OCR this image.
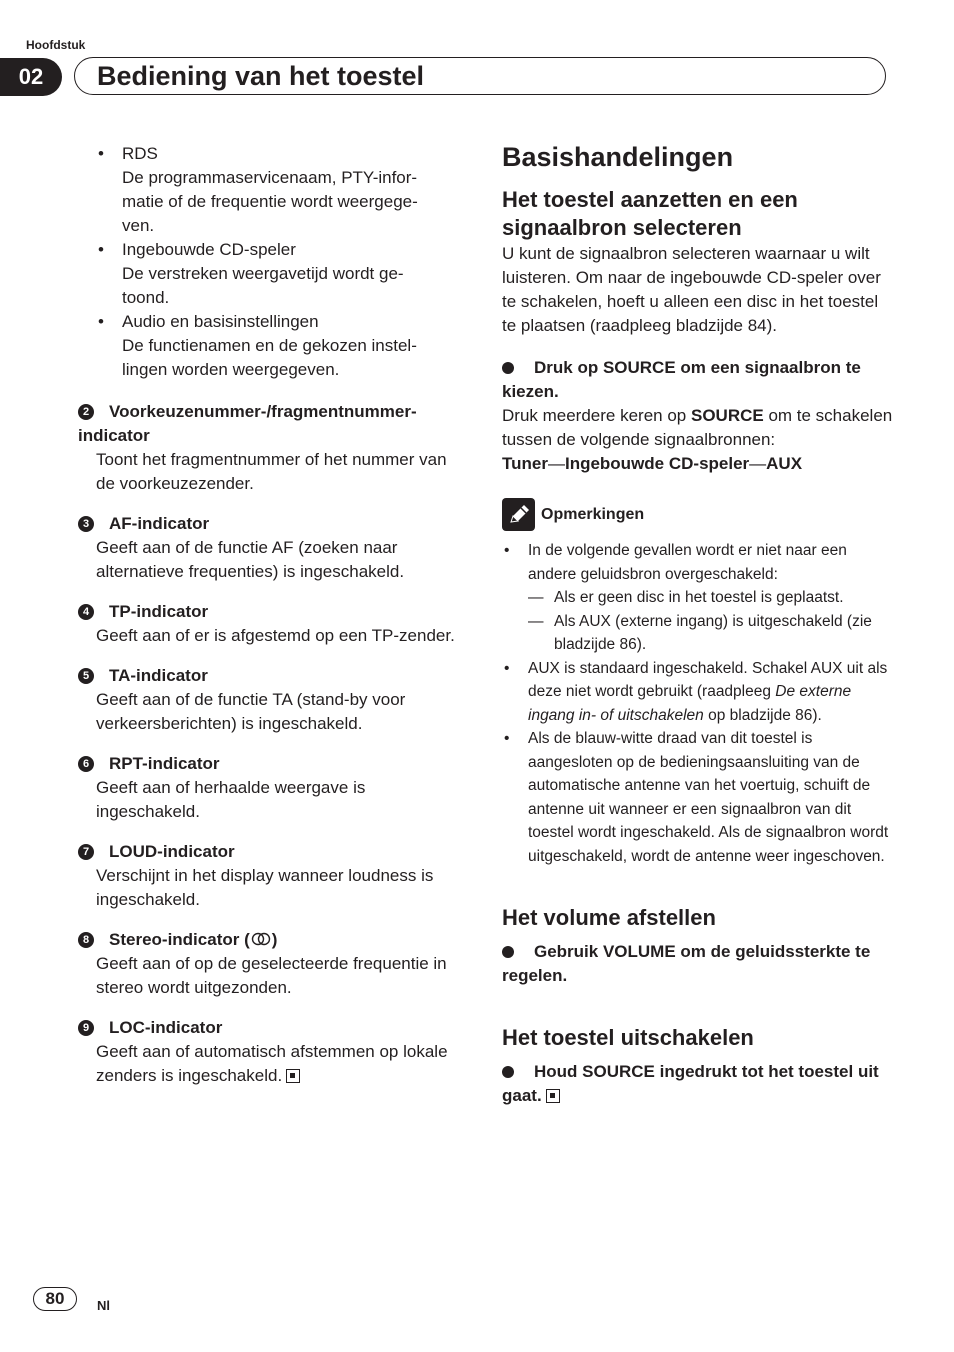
Hoofdstuk
02	Bediening van het toestel
• RDS
De programmaservicenaam, PTY-infor-
matie of de frequentie wordt weergege-
ven.
• Ingebouwde CD-speler
De verstreken weergavetijd wordt ge-
toond.
• Audio en basisinstellingen
De functienamen en de gekozen instel-
lingen worden weergegeven.
2 Voorkeuzenummer-/fragmentnummer-indicator
Toont het fragmentnummer of het nummer van de voorkeuzezender.
3 AF-indicator
Geeft aan of de functie AF (zoeken naar alternatieve frequenties) is ingeschakeld.
4 TP-indicator
Geeft aan of er is afgestemd op een TP-zender.
5 TA-indicator
Geeft aan of de functie TA (stand-by voor verkeersberichten) is ingeschakeld.
6 RPT-indicator
Geeft aan of herhaalde weergave is ingeschakeld.
7 LOUD-indicator
Verschijnt in het display wanneer loudness is ingeschakeld.
8 Stereo-indicator ( )
Geeft aan of op de geselecteerde frequentie in stereo wordt uitgezonden.
9 LOC-indicator
Geeft aan of automatisch afstemmen op lokale zenders is ingeschakeld.
Basishandelingen
Het toestel aanzetten en een signaalbron selecteren
U kunt de signaalbron selecteren waarnaar u wilt luisteren. Om naar de ingebouwde CD-speler over te schakelen, hoeft u alleen een disc in het toestel te plaatsen (raadpleeg bladzijde 84).
Druk op SOURCE om een signaalbron te kiezen.
Druk meerdere keren op SOURCE om te schakelen tussen de volgende signaalbronnen:
Tuner—Ingebouwde CD-speler—AUX
Opmerkingen
• In de volgende gevallen wordt er niet naar een andere geluidsbron overgeschakeld:
— Als er geen disc in het toestel is geplaatst.
— Als AUX (externe ingang) is uitgeschakeld (zie bladzijde 86).
• AUX is standaard ingeschakeld. Schakel AUX uit als deze niet wordt gebruikt (raadpleeg De externe ingang in- of uitschakelen op bladzijde 86).
• Als de blauw-witte draad van dit toestel is aangesloten op de bedieningsaansluiting van de automatische antenne van het voertuig, schuift de antenne uit wanneer er een signaalbron van dit toestel wordt ingeschakeld. Als de signaalbron wordt uitgeschakeld, wordt de antenne weer ingeschoven.
Het volume afstellen
Gebruik VOLUME om de geluidssterkte te regelen.
Het toestel uitschakelen
Houd SOURCE ingedrukt tot het toestel uit gaat.
80	Nl
